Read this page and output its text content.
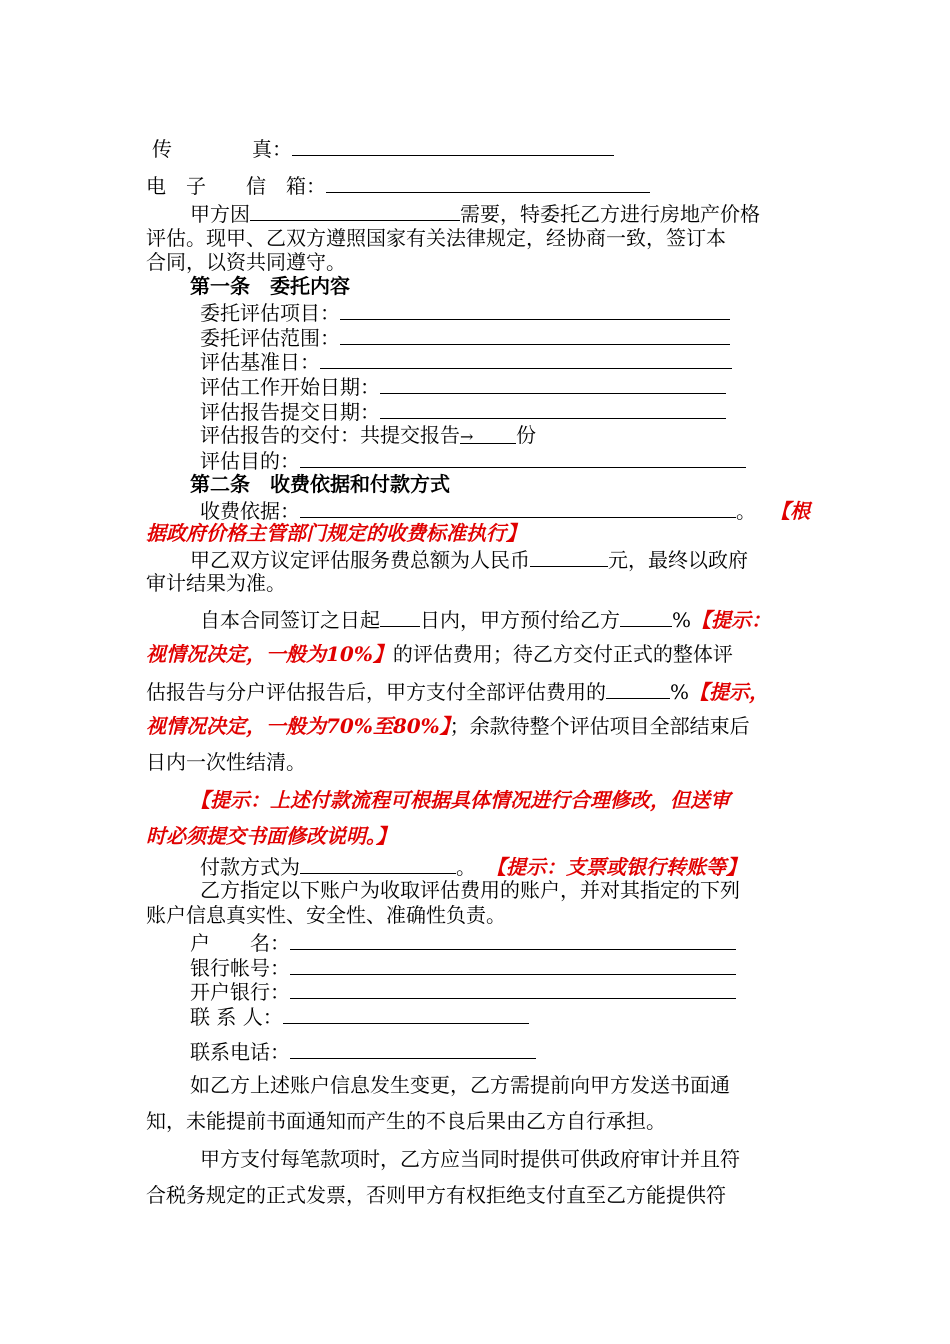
传　　　　真：
电　子　　信　箱：
甲方因	需要，特委托乙方进行房地产价格
评估。现甲、乙双方遵照国家有关法律规定，经协商一致，签订本
合同，以资共同遵守。
第一条　委托内容
委托评估项目：
委托评估范围：
评估基准日：
评估工作开始日期：
评估报告提交日期：
评估报告的交付：共提交报告→ 份
评估目的：
第二条　收费依据和付款方式
收费依据：	。 【根
据政府价格主管部门规定的收费标准执行】
甲乙双方议定评估服务费总额为人民币	元，最终以政府
审计结果为准。
自本合同签订之日起 日内，甲方预付给乙方	%【提示：
视情况决定，一般为10%】的评估费用；待乙方交付正式的整体评
估报告与分户评估报告后，甲方支付全部评估费用的	%【提示，
视情况决定，一般为70%至80%】；余款待整个评估项目全部结束后
日内一次性结清。
【提示：上述付款流程可根据具体情况进行合理修改，但送审
时必须提交书面修改说明。】
付款方式为	。 【提示：支票或银行转账等】
乙方指定以下账户为收取评估费用的账户，并对其指定的下列
账户信息真实性、安全性、准确性负责。
户　　名：
银行帐号：
开户银行：
联 系 人：
联系电话：
如乙方上述账户信息发生变更，乙方需提前向甲方发送书面通
知，未能提前书面通知而产生的不良后果由乙方自行承担。
甲方支付每笔款项时，乙方应当同时提供可供政府审计并且符
合税务规定的正式发票，否则甲方有权拒绝支付直至乙方能提供符
